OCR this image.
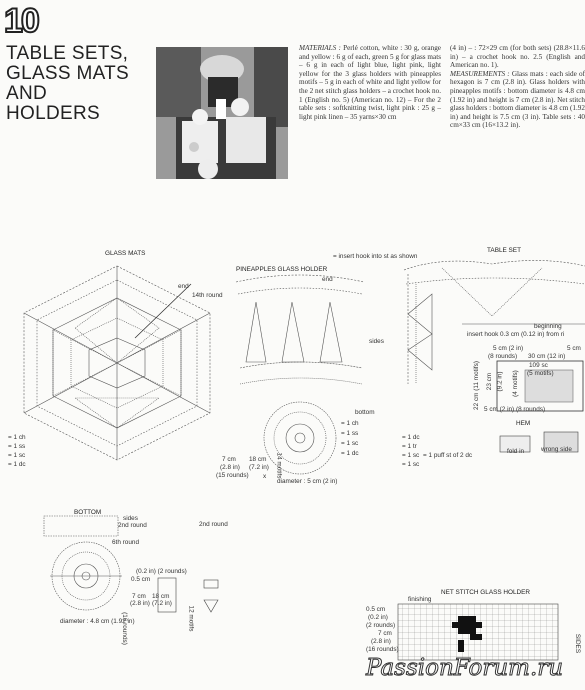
10
TABLE SETS,
GLASS MATS
AND
HOLDERS
MATERIALS : Perlé cotton, white : 30 g, orange and yellow : 6 g of each, green 5 g for glass mats – 6 g in each of light blue, light pink, light yellow for the 3 glass holders with pineapples motifs – 5 g in each of white and light yellow for the 2 net stitch glass holders – a crochet hook no. 1 (English no. 5) (American no. 12) – For the 2 table sets : softknitting twist, light pink : 25 g – light pink linen – 35 yarns×30 cm
(4 in) – : 72×29 cm (for both sets) (28.8×11.6 in) – a crochet hook no. 2.5 (English and American no. 1).
MEASUREMENTS : Glass mats : each side of hexagon is 7 cm (2.8 in). Glass holders with pineapples motifs : bottom diameter is 4.8 cm (1.92 in) and height is 7 cm (2.8 in). Net stitch glass holders : bottom diameter is 4.8 cm (1.92 in) and height is 7.5 cm (3 in). Table sets : 40 cm×33 cm (16×13.2 in).
GLASS MATS
end
14th round
= 1 ch
= 1 ss
= 1 sc
= 1 dc
PINEAPPLES GLASS HOLDER
= insert hook into st as shown
end
sides
bottom
= 1 ch
= 1 ss
= 1 sc
= 1 dc
7 cm
(2.8 in)
(15 rounds)
18 cm
(7.2 in) 14 motifs
x
diameter : 5 cm (2 in)
TABLE SET
beginning
insert hook 0.3 cm (0.12 in) from ri
5 cm (2 in)
(8 rounds) 30 cm (12 in)
5 cm
109 sc
(5 motifs)
22 cm (11 motifs) 23 cm (9.2 in) (4 motifs)
5 cm (2 in) (8 rounds)
HEM
fold in	wrong side
= 1 dc
= 1 tr
= 1 sc
= 1 sc
= 1 puff st of 2 dc
BOTTOM
sides
2nd round
6th round
2nd round
diameter : 4.8 cm (1.92 in)
(16 rounds)
(0.2 in) (2 rounds)
0.5 cm
7 cm
(2.8 in)
18 cm
(7.2 in)
12 motifs
NET STITCH GLASS HOLDER
finishing
0.5 cm
(0.2 in)
(2 rounds)
7 cm
(2.8 in)
(16 rounds)	SIDES
PassionForum.ru
